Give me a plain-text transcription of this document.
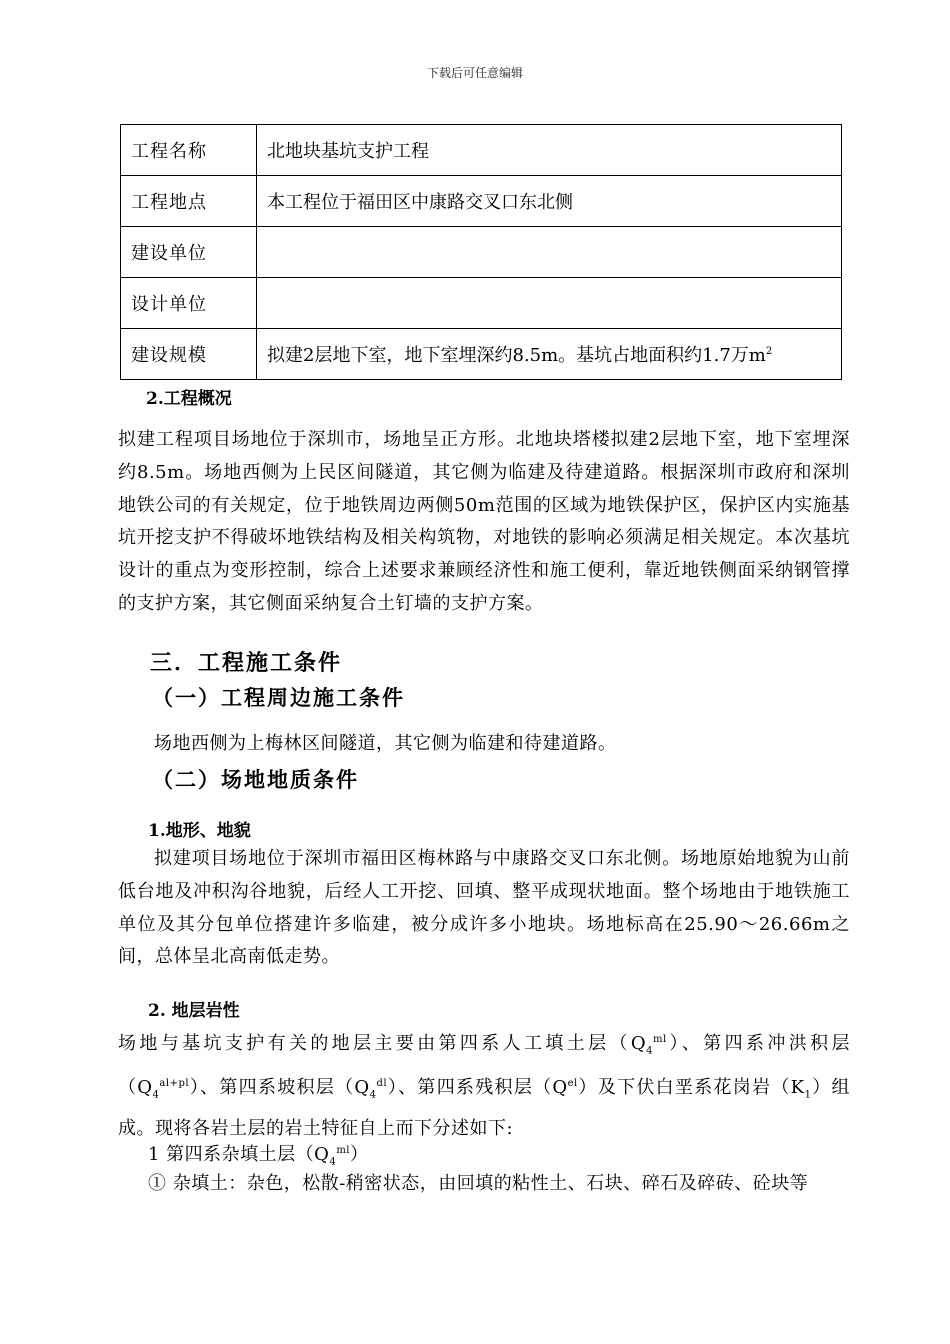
下载后可任意编辑
工程名称	北地块基坑支护工程
工程地点	本工程位于福田区中康路交叉口东北侧
建设单位	
设计单位	
建设规模	拟建2层地下室，地下室埋深约8.5m。基坑占地面积约1.7万$m^2$
2.工程概况
拟建工程项目场地位于深圳市，场地呈正方形。北地块塔楼拟建2层地下室，地下室埋深约8.5m。场地西侧为上民区间隧道，其它侧为临建及待建道路。根据深圳市政府和深圳地铁公司的有关规定，位于地铁周边两侧50m范围的区域为地铁保护区，保护区内实施基坑开挖支护不得破坏地铁结构及相关构筑物，对地铁的影响必须满足相关规定。本次基坑设计的重点为变形控制，综合上述要求兼顾经济性和施工便利，靠近地铁侧面采纳钢管撑的支护方案，其它侧面采纳复合土钉墙的支护方案。
三．工程施工条件
（一）工程周边施工条件
场地西侧为上梅林区间隧道，其它侧为临建和待建道路。
（二）场地地质条件
1.地形、地貌
拟建项目场地位于深圳市福田区梅林路与中康路交叉口东北侧。场地原始地貌为山前低台地及冲积沟谷地貌，后经人工开挖、回填、整平成现状地面。整个场地由于地铁施工单位及其分包单位搭建许多临建，被分成许多小地块。场地标高在25.90～26.66m之间，总体呈北高南低走势。
2. 地层岩性
场地与基坑支护有关的地层主要由第四系人工填土层$(Q_4^{ml})$、第四系冲洪积层$(Q_4^{al+pl})$、第四系坡积层$(Q_4^{dl})$、第四系残积层$(Q^{el})$及下伏白垩系花岗岩$(K_1)$组成。现将各岩土层的岩土特征自上而下分述如下:
1 第四系杂填土层$(Q_4^{ml})$
① 杂填土：杂色，松散-稍密状态，由回填的粘性土、石块、碎石及碎砖、砼块等
